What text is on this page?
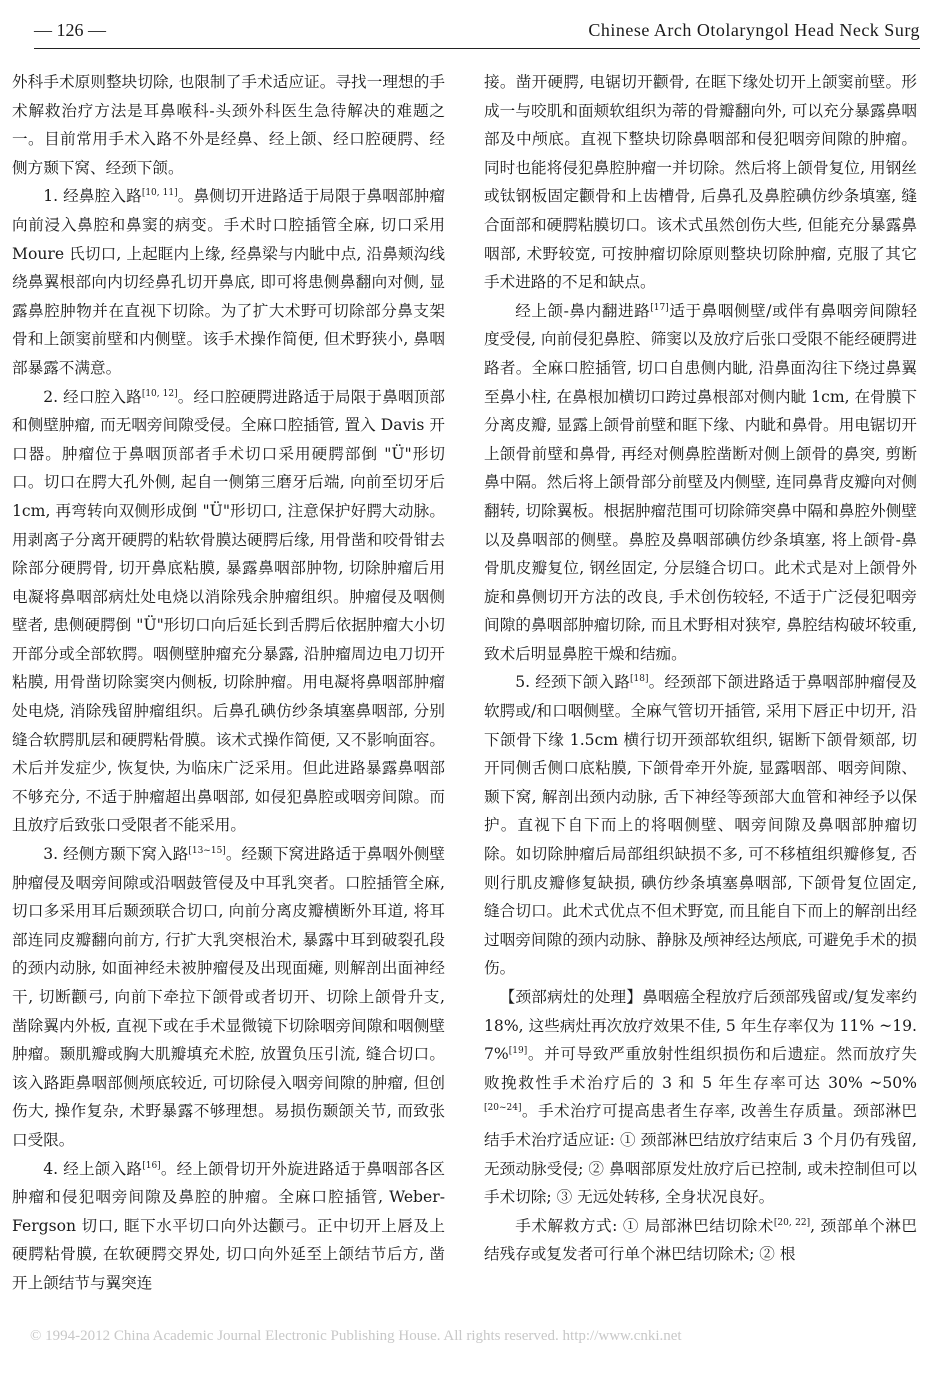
— 126 —	Chinese Arch Otolaryngol Head Neck Surg

外科手术原则整块切除, 也限制了手术适应证。寻找一理想的手术解救治疗方法是耳鼻喉科-头颈外科医生急待解决的难题之一。目前常用手术入路不外是经鼻、经上颌、经口腔硬腭、经侧方颞下窝、经颈下颌。

1. 经鼻腔入路[10, 11]。鼻侧切开进路适于局限于鼻咽部肿瘤向前浸入鼻腔和鼻窦的病变。手术时口腔插管全麻, 切口采用 Moure 氏切口, 上起眶内上缘, 经鼻梁与内眦中点, 沿鼻颊沟线绕鼻翼根部向内切经鼻孔切开鼻底, 即可将患侧鼻翻向对侧, 显露鼻腔肿物并在直视下切除。为了扩大术野可切除部分鼻支架骨和上颌窦前壁和内侧壁。该手术操作简便, 但术野狭小, 鼻咽部暴露不满意。

2. 经口腔入路[10, 12]。经口腔硬腭进路适于局限于鼻咽顶部和侧壁肿瘤, 而无咽旁间隙受侵。全麻口腔插管, 置入 Davis 开口器。肿瘤位于鼻咽顶部者手术切口采用硬腭部倒 "Ü"形切口。切口在腭大孔外侧, 起自一侧第三磨牙后端, 向前至切牙后 1cm, 再弯转向双侧形成倒 "Ü"形切口, 注意保护好腭大动脉。用剥离子分离开硬腭的粘软骨膜达硬腭后缘, 用骨凿和咬骨钳去除部分硬腭骨, 切开鼻底粘膜, 暴露鼻咽部肿物, 切除肿瘤后用电凝将鼻咽部病灶处电烧以消除残余肿瘤组织。肿瘤侵及咽侧壁者, 患侧硬腭倒 "Ü"形切口向后延长到舌腭后依据肿瘤大小切开部分或全部软腭。咽侧壁肿瘤充分暴露, 沿肿瘤周边电刀切开粘膜, 用骨凿切除窦突内侧板, 切除肿瘤。用电凝将鼻咽部肿瘤处电烧, 消除残留肿瘤组织。后鼻孔碘仿纱条填塞鼻咽部, 分别缝合软腭肌层和硬腭粘骨膜。该术式操作简便, 又不影响面容。术后并发症少, 恢复快, 为临床广泛采用。但此进路暴露鼻咽部不够充分, 不适于肿瘤超出鼻咽部, 如侵犯鼻腔或咽旁间隙。而且放疗后致张口受限者不能采用。

3. 经侧方颞下窝入路[13~15]。经颞下窝进路适于鼻咽外侧壁肿瘤侵及咽旁间隙或沿咽鼓管侵及中耳乳突者。口腔插管全麻, 切口多采用耳后颞颈联合切口, 向前分离皮瓣横断外耳道, 将耳部连同皮瓣翻向前方, 行扩大乳突根治术, 暴露中耳到破裂孔段的颈内动脉, 如面神经未被肿瘤侵及出现面瘫, 则解剖出面神经干, 切断颧弓, 向前下牵拉下颌骨或者切开、切除上颌骨升支, 凿除翼内外板, 直视下或在手术显微镜下切除咽旁间隙和咽侧壁肿瘤。颞肌瓣或胸大肌瓣填充术腔, 放置负压引流, 缝合切口。该入路距鼻咽部侧颅底较近, 可切除侵入咽旁间隙的肿瘤, 但创伤大, 操作复杂, 术野暴露不够理想。易损伤颞颌关节, 而致张口受限。

4. 经上颌入路[16]。经上颌骨切开外旋进路适于鼻咽部各区肿瘤和侵犯咽旁间隙及鼻腔的肿瘤。全麻口腔插管, Weber-Fergson 切口, 眶下水平切口向外达颧弓。正中切开上唇及上硬腭粘骨膜, 在软硬腭交界处, 切口向外延至上颌结节后方, 凿开上颌结节与翼突连

接。凿开硬腭, 电锯切开颧骨, 在眶下缘处切开上颌窦前壁。形成一与咬肌和面颊软组织为蒂的骨瓣翻向外, 可以充分暴露鼻咽部及中颅底。直视下整块切除鼻咽部和侵犯咽旁间隙的肿瘤。同时也能将侵犯鼻腔肿瘤一并切除。然后将上颌骨复位, 用钢丝或钛钢板固定颧骨和上齿槽骨, 后鼻孔及鼻腔碘仿纱条填塞, 缝合面部和硬腭粘膜切口。该术式虽然创伤大些, 但能充分暴露鼻咽部, 术野较宽, 可按肿瘤切除原则整块切除肿瘤, 克服了其它手术进路的不足和缺点。

经上颌-鼻内翻进路[17]适于鼻咽侧壁/或伴有鼻咽旁间隙轻度受侵, 向前侵犯鼻腔、筛窦以及放疗后张口受限不能经硬腭进路者。全麻口腔插管, 切口自患侧内眦, 沿鼻面沟往下绕过鼻翼至鼻小柱, 在鼻根加横切口跨过鼻根部对侧内眦 1cm, 在骨膜下分离皮瓣, 显露上颌骨前壁和眶下缘、内眦和鼻骨。用电锯切开上颌骨前壁和鼻骨, 再经对侧鼻腔凿断对侧上颌骨的鼻突, 剪断鼻中隔。然后将上颌骨部分前壁及内侧壁, 连同鼻背皮瓣向对侧翻转, 切除翼板。根据肿瘤范围可切除筛突鼻中隔和鼻腔外侧壁以及鼻咽部的侧壁。鼻腔及鼻咽部碘仿纱条填塞, 将上颌骨-鼻骨肌皮瓣复位, 钢丝固定, 分层缝合切口。此术式是对上颌骨外旋和鼻侧切开方法的改良, 手术创伤较轻, 不适于广泛侵犯咽旁间隙的鼻咽部肿瘤切除, 而且术野相对狭窄, 鼻腔结构破坏较重, 致术后明显鼻腔干燥和结痂。

5. 经颈下颌入路[18]。经颈部下颌进路适于鼻咽部肿瘤侵及软腭或/和口咽侧壁。全麻气管切开插管, 采用下唇正中切开, 沿下颌骨下缘 1.5cm 横行切开颈部软组织, 锯断下颌骨颏部, 切开同侧舌侧口底粘膜, 下颌骨牵开外旋, 显露咽部、咽旁间隙、颞下窝, 解剖出颈内动脉, 舌下神经等颈部大血管和神经予以保护。直视下自下而上的将咽侧壁、咽旁间隙及鼻咽部肿瘤切除。如切除肿瘤后局部组织缺损不多, 可不移植组织瓣修复, 否则行肌皮瓣修复缺损, 碘仿纱条填塞鼻咽部, 下颌骨复位固定, 缝合切口。此术式优点不但术野宽, 而且能自下而上的解剖出经过咽旁间隙的颈内动脉、静脉及颅神经达颅底, 可避免手术的损伤。

【颈部病灶的处理】鼻咽癌全程放疗后颈部残留或/复发率约 18%, 这些病灶再次放疗效果不佳, 5 年生存率仅为 11% ~19. 7%[19]。并可导致严重放射性组织损伤和后遗症。然而放疗失败挽救性手术治疗后的 3 和 5 年生存率可达 30% ~50%[20~24]。手术治疗可提高患者生存率, 改善生存质量。颈部淋巴结手术治疗适应证: ① 颈部淋巴结放疗结束后 3 个月仍有残留, 无颈动脉受侵; ② 鼻咽部原发灶放疗后已控制, 或未控制但可以手术切除; ③ 无远处转移, 全身状况良好。

手术解救方式: ① 局部淋巴结切除术[20, 22], 颈部单个淋巴结残存或复发者可行单个淋巴结切除术; ② 根

© 1994-2012 China Academic Journal Electronic Publishing House. All rights reserved. http://www.cnki.net
